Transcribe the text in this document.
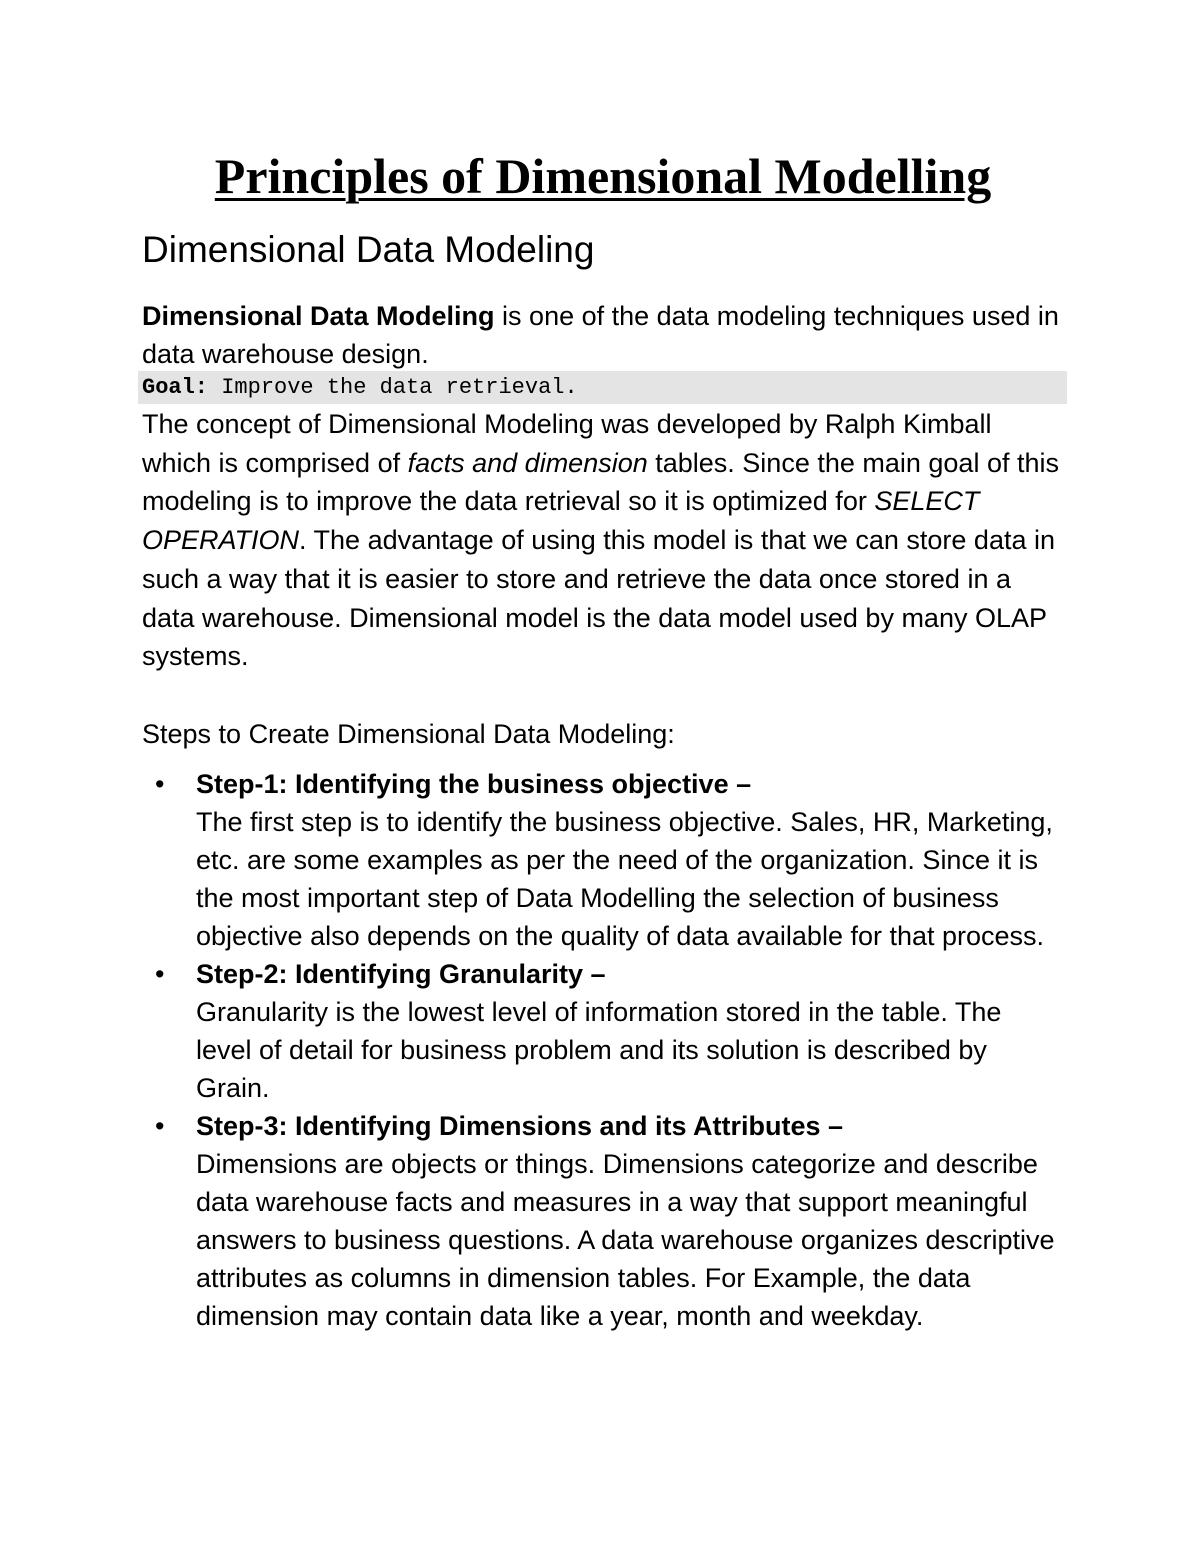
Principles of Dimensional Modelling
Dimensional Data Modeling

Dimensional Data Modeling is one of the data modeling techniques used in data warehouse design.

Goal: Improve the data retrieval.

The concept of Dimensional Modeling was developed by Ralph Kimball which is comprised of facts and dimension tables. Since the main goal of this modeling is to improve the data retrieval so it is optimized for SELECT OPERATION. The advantage of using this model is that we can store data in such a way that it is easier to store and retrieve the data once stored in a data warehouse. Dimensional model is the data model used by many OLAP systems.

Steps to Create Dimensional Data Modeling:

• Step-1: Identifying the business objective –
The first step is to identify the business objective. Sales, HR, Marketing, etc. are some examples as per the need of the organization. Since it is the most important step of Data Modelling the selection of business objective also depends on the quality of data available for that process.
• Step-2: Identifying Granularity –
Granularity is the lowest level of information stored in the table. The level of detail for business problem and its solution is described by Grain.
• Step-3: Identifying Dimensions and its Attributes –
Dimensions are objects or things. Dimensions categorize and describe data warehouse facts and measures in a way that support meaningful answers to business questions. A data warehouse organizes descriptive attributes as columns in dimension tables. For Example, the data dimension may contain data like a year, month and weekday.
